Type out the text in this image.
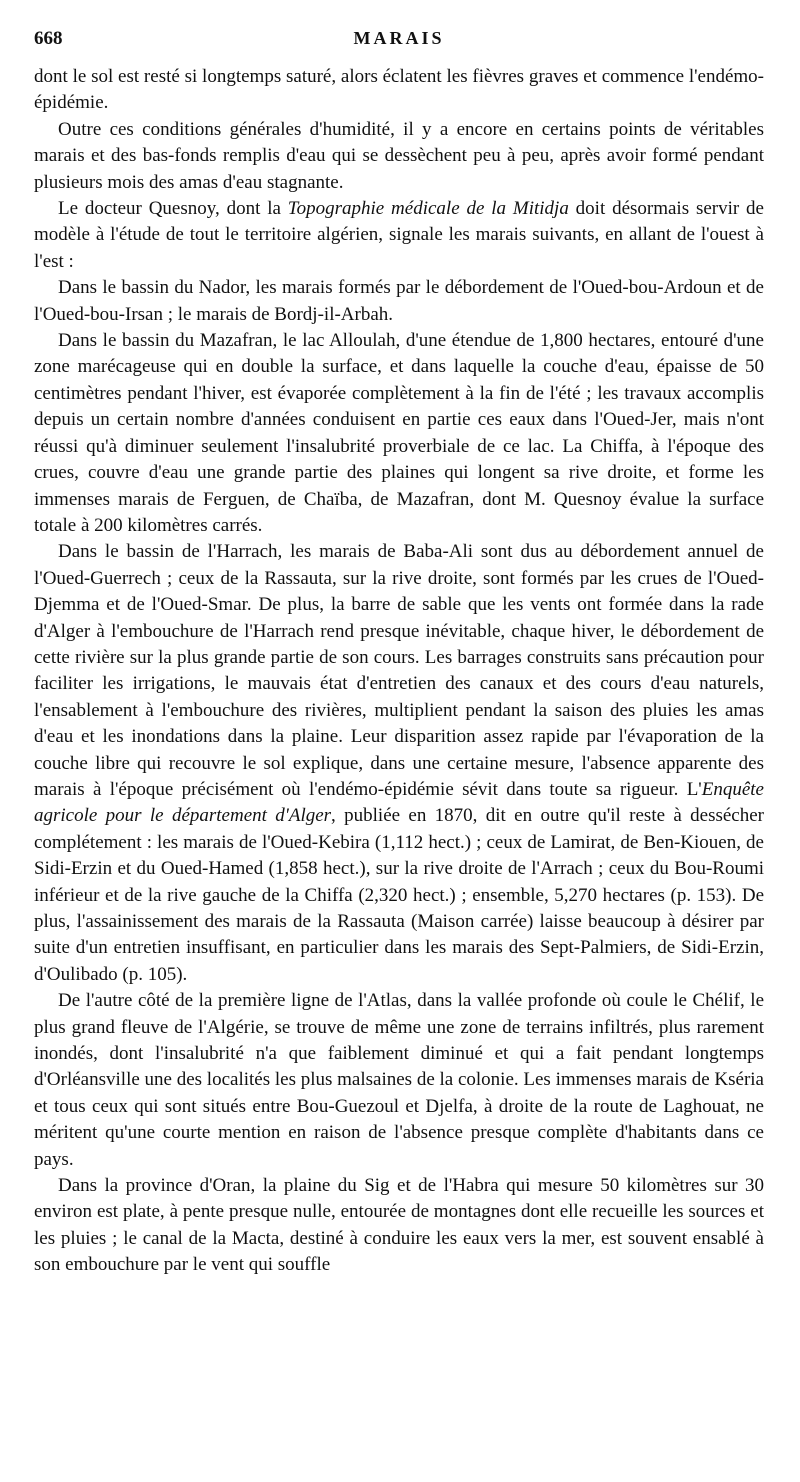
668	MARAIS

dont le sol est resté si longtemps saturé, alors éclatent les fièvres graves et commence l'endémo-épidémie.

Outre ces conditions générales d'humidité, il y a encore en certains points de véritables marais et des bas-fonds remplis d'eau qui se dessèchent peu à peu, après avoir formé pendant plusieurs mois des amas d'eau stagnante.

Le docteur Quesnoy, dont la Topographie médicale de la Mitidja doit désormais servir de modèle à l'étude de tout le territoire algérien, signale les marais suivants, en allant de l'ouest à l'est :

Dans le bassin du Nador, les marais formés par le débordement de l'Oued-bou-Ardoun et de l'Oued-bou-Irsan ; le marais de Bordj-il-Arbah.

Dans le bassin du Mazafran, le lac Alloulah, d'une étendue de 1,800 hectares, entouré d'une zone marécageuse qui en double la surface, et dans laquelle la couche d'eau, épaisse de 50 centimètres pendant l'hiver, est évaporée complètement à la fin de l'été ; les travaux accomplis depuis un certain nombre d'années conduisent en partie ces eaux dans l'Oued-Jer, mais n'ont réussi qu'à diminuer seulement l'insalubrité proverbiale de ce lac. La Chiffa, à l'époque des crues, couvre d'eau une grande partie des plaines qui longent sa rive droite, et forme les immenses marais de Ferguen, de Chaïba, de Mazafran, dont M. Quesnoy évalue la surface totale à 200 kilomètres carrés.

Dans le bassin de l'Harrach, les marais de Baba-Ali sont dus au débordement annuel de l'Oued-Guerrech ; ceux de la Rassauta, sur la rive droite, sont formés par les crues de l'Oued-Djemma et de l'Oued-Smar. De plus, la barre de sable que les vents ont formée dans la rade d'Alger à l'embouchure de l'Harrach rend presque inévitable, chaque hiver, le débordement de cette rivière sur la plus grande partie de son cours. Les barrages construits sans précaution pour faciliter les irrigations, le mauvais état d'entretien des canaux et des cours d'eau naturels, l'ensablement à l'embouchure des rivières, multiplient pendant la saison des pluies les amas d'eau et les inondations dans la plaine. Leur disparition assez rapide par l'évaporation de la couche libre qui recouvre le sol explique, dans une certaine mesure, l'absence apparente des marais à l'époque précisément où l'endémo-épidémie sévit dans toute sa rigueur. L'Enquête agricole pour le département d'Alger, publiée en 1870, dit en outre qu'il reste à dessécher complétement : les marais de l'Oued-Kebira (1,112 hect.) ; ceux de Lamirat, de Ben-Kiouen, de Sidi-Erzin et du Oued-Hamed (1,858 hect.), sur la rive droite de l'Arrach ; ceux du Bou-Roumi inférieur et de la rive gauche de la Chiffa (2,320 hect.) ; ensemble, 5,270 hectares (p. 153). De plus, l'assainissement des marais de la Rassauta (Maison carrée) laisse beaucoup à désirer par suite d'un entretien insuffisant, en particulier dans les marais des Sept-Palmiers, de Sidi-Erzin, d'Oulibado (p. 105).

De l'autre côté de la première ligne de l'Atlas, dans la vallée profonde où coule le Chélif, le plus grand fleuve de l'Algérie, se trouve de même une zone de terrains infiltrés, plus rarement inondés, dont l'insalubrité n'a que faiblement diminué et qui a fait pendant longtemps d'Orléansville une des localités les plus malsaines de la colonie. Les immenses marais de Kséria et tous ceux qui sont situés entre Bou-Guezoul et Djelfa, à droite de la route de Laghouat, ne méritent qu'une courte mention en raison de l'absence presque complète d'habitants dans ce pays.

Dans la province d'Oran, la plaine du Sig et de l'Habra qui mesure 50 kilomètres sur 30 environ est plate, à pente presque nulle, entourée de montagnes dont elle recueille les sources et les pluies ; le canal de la Macta, destiné à conduire les eaux vers la mer, est souvent ensablé à son embouchure par le vent qui souffle
